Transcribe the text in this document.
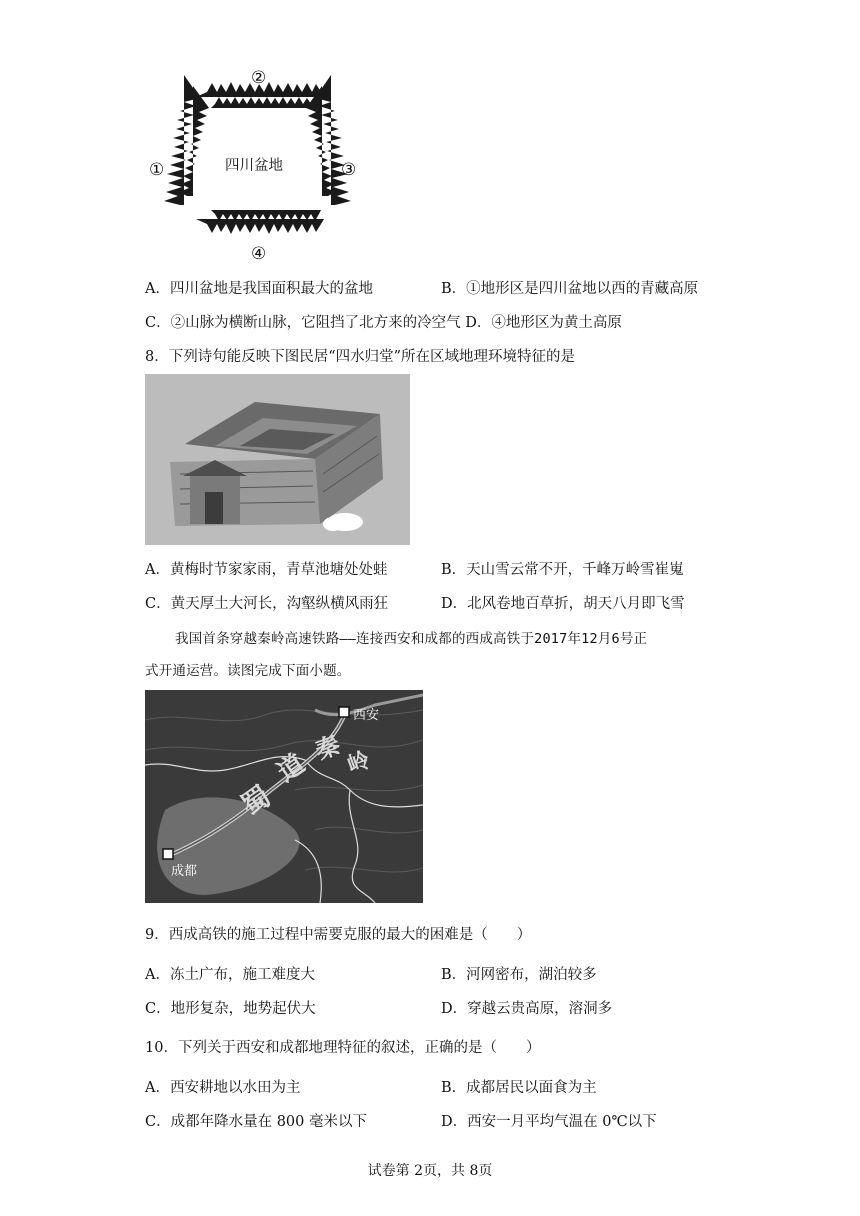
②
①	③
④
四川盆地
A．四川盆地是我国面积最大的盆地	B．①地形区是四川盆地以西的青藏高原
C．②山脉为横断山脉，它阻挡了北方来的冷空气 D．④地形区为黄土高原
8．下列诗句能反映下图民居“四水归堂”所在区域地理环境特征的是
A．黄梅时节家家雨，青草池塘处处蛙	B．天山雪云常不开，千峰万岭雪崔嵬
C．黄天厚土大河长，沟壑纵横风雨狂	D．北风卷地百草折，胡天八月即飞雪
我国首条穿越秦岭高速铁路——连接西安和成都的西成高铁于2017年12月6号正
式开通运营。读图完成下面小题。
西安
成都
秦 岭
道
蜀
9．西成高铁的施工过程中需要克服的最大的困难是（　　）
A．冻土广布，施工难度大	B．河网密布，湖泊较多
C．地形复杂，地势起伏大	D．穿越云贵高原，溶洞多
10．下列关于西安和成都地理特征的叙述，正确的是（　　）
A．西安耕地以水田为主	B．成都居民以面食为主
C．成都年降水量在 800 毫米以下	D．西安一月平均气温在 0℃以下
试卷第 2页，共 8页
